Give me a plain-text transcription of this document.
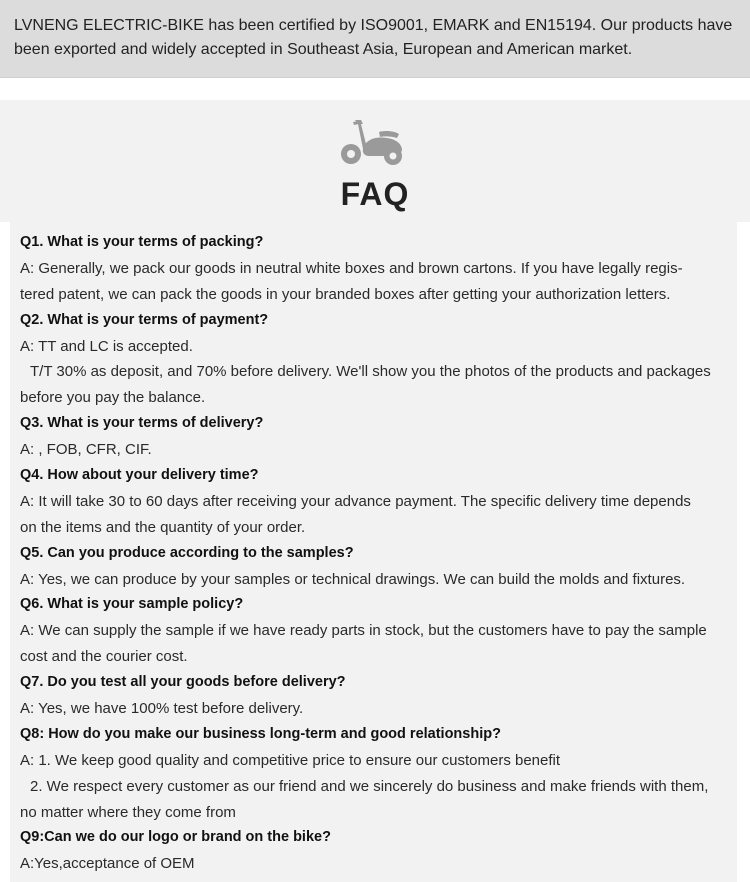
LVNENG ELECTRIC-BIKE has been certified by ISO9001, EMARK and EN15194. Our products have
been exported and widely accepted in Southeast Asia, European and American market.
FAQ
Q1. What is your terms of packing?
A: Generally, we pack our goods in neutral white boxes and brown cartons. If you have legally regis-
tered patent, we can pack the goods in your branded boxes after getting your authorization letters.
Q2. What is your terms of payment?
A: TT and LC is accepted.
T/T 30% as deposit, and 70% before delivery. We'll show you the photos of the products and packages
before you pay the balance.
Q3. What is your terms of delivery?
A: , FOB, CFR, CIF.
Q4. How about your delivery time?
A: It will take 30 to 60 days after receiving your advance payment. The specific delivery time depends
on the items and the quantity of your order.
Q5. Can you produce according to the samples?
A: Yes, we can produce by your samples or technical drawings. We can build the molds and fixtures.
Q6. What is your sample policy?
A: We can supply the sample if we have ready parts in stock, but the customers have to pay the sample
cost and the courier cost.
Q7. Do you test all your goods before delivery?
A: Yes, we have 100% test before delivery.
Q8: How do you make our business long-term and good relationship?
A: 1. We keep good quality and competitive price to ensure our customers benefit
2. We respect every customer as our friend and we sincerely do business and make friends with them,
no matter where they come from
Q9:Can we do our logo or brand on the bike?
A:Yes,acceptance of OEM
